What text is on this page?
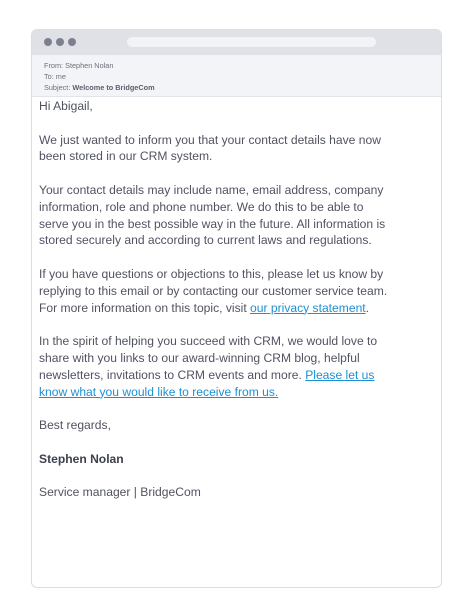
From: Stephen Nolan
To: me
Subject: Welcome to BridgeCom

Hi Abigail,

We just wanted to inform you that your contact details have now been stored in our CRM system.

Your contact details may include name, email address, company information, role and phone number. We do this to be able to serve you in the best possible way in the future. All information is stored securely and according to current laws and regulations.

If you have questions or objections to this, please let us know by replying to this email or by contacting our customer service team. For more information on this topic, visit our privacy statement.

In the spirit of helping you succeed with CRM, we would love to share with you links to our award-winning CRM blog, helpful newsletters, invitations to CRM events and more. Please let us know what you would like to receive from us.

Best regards,

Stephen Nolan

Service manager | BridgeCom
